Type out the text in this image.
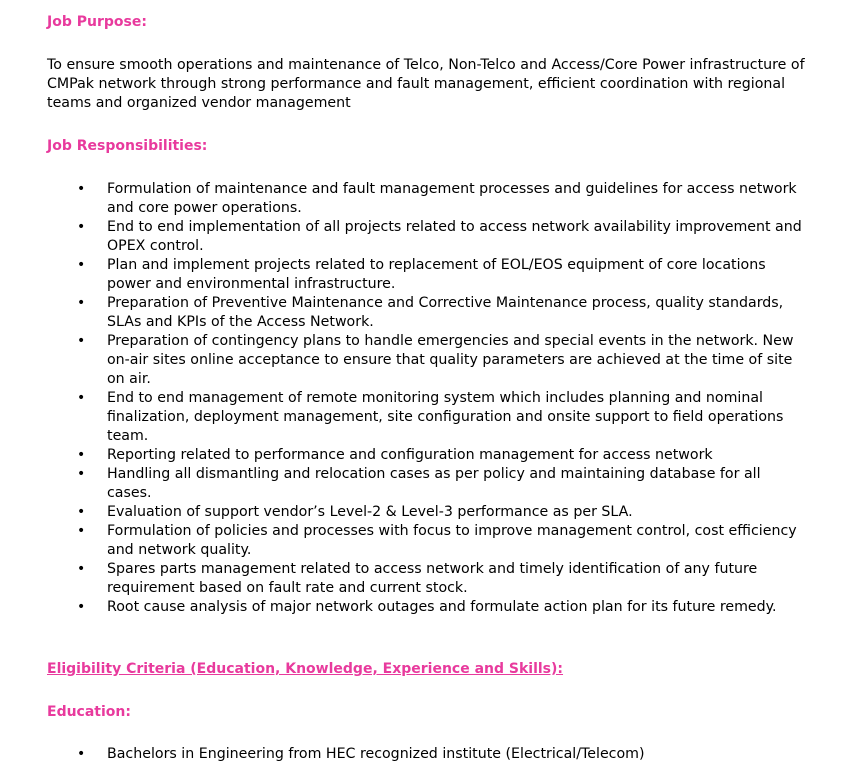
Job Purpose:

To ensure smooth operations and maintenance of Telco, Non-Telco and Access/Core Power infrastructure of CMPak network through strong performance and fault management, efficient coordination with regional teams and organized vendor management

Job Responsibilities:

• Formulation of maintenance and fault management processes and guidelines for access network and core power operations.
• End to end implementation of all projects related to access network availability improvement and OPEX control.
• Plan and implement projects related to replacement of EOL/EOS equipment of core locations power and environmental infrastructure.
• Preparation of Preventive Maintenance and Corrective Maintenance process, quality standards, SLAs and KPIs of the Access Network.
• Preparation of contingency plans to handle emergencies and special events in the network. New on-air sites online acceptance to ensure that quality parameters are achieved at the time of site on air.
• End to end management of remote monitoring system which includes planning and nominal finalization, deployment management, site configuration and onsite support to field operations team.
• Reporting related to performance and configuration management for access network
• Handling all dismantling and relocation cases as per policy and maintaining database for all cases.
• Evaluation of support vendor’s Level-2 & Level-3 performance as per SLA.
• Formulation of policies and processes with focus to improve management control, cost efficiency and network quality.
• Spares parts management related to access network and timely identification of any future requirement based on fault rate and current stock.
• Root cause analysis of major network outages and formulate action plan for its future remedy.

Eligibility Criteria (Education, Knowledge, Experience and Skills):

Education:

• Bachelors in Engineering from HEC recognized institute (Electrical/Telecom)
